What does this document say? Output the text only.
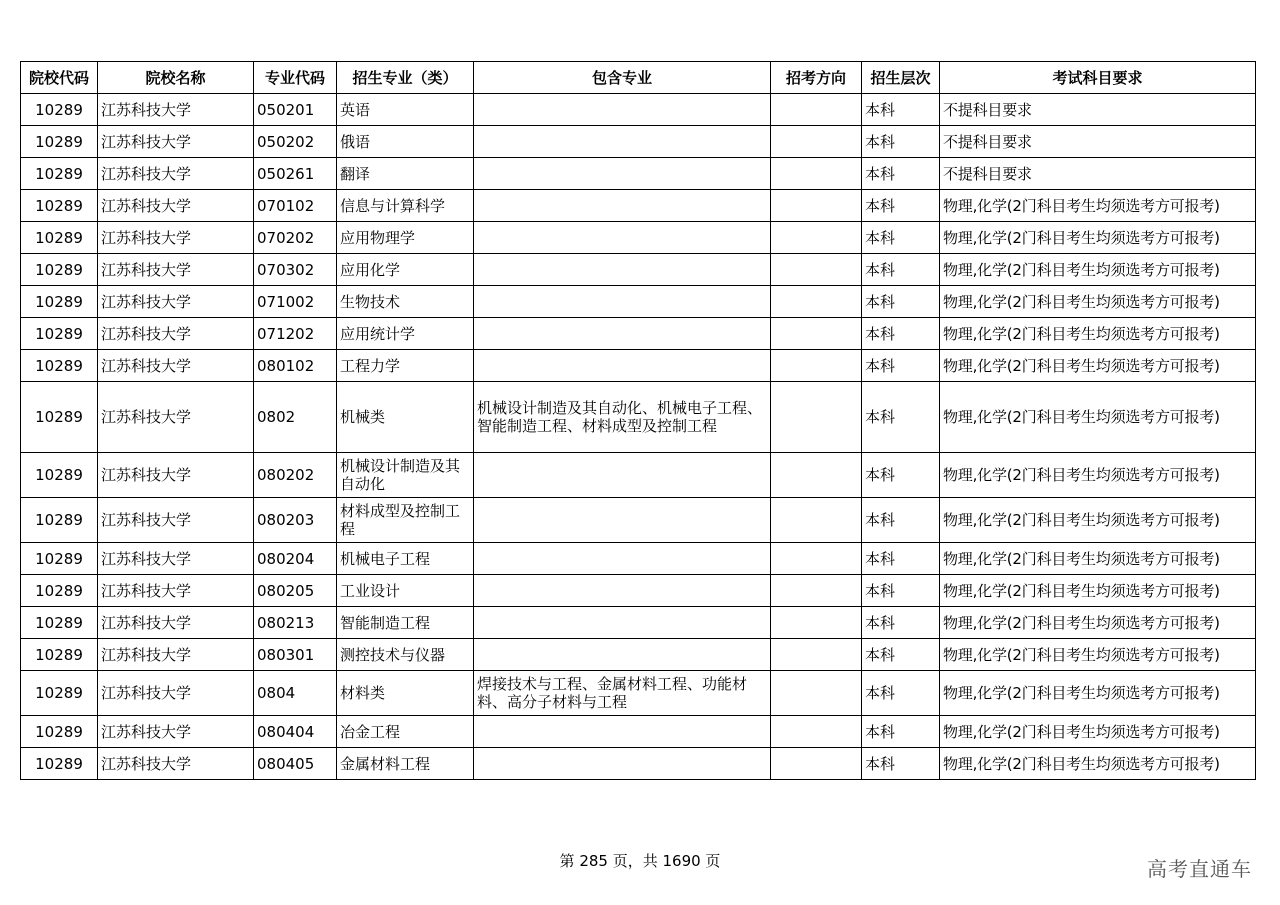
院校代码	院校名称	专业代码	招生专业（类）	包含专业	招考方向	招生层次	考试科目要求
10289	江苏科技大学	050201	英语			本科	不提科目要求
10289	江苏科技大学	050202	俄语			本科	不提科目要求
10289	江苏科技大学	050261	翻译			本科	不提科目要求
10289	江苏科技大学	070102	信息与计算科学			本科	物理,化学(2门科目考生均须选考方可报考)
10289	江苏科技大学	070202	应用物理学			本科	物理,化学(2门科目考生均须选考方可报考)
10289	江苏科技大学	070302	应用化学			本科	物理,化学(2门科目考生均须选考方可报考)
10289	江苏科技大学	071002	生物技术			本科	物理,化学(2门科目考生均须选考方可报考)
10289	江苏科技大学	071202	应用统计学			本科	物理,化学(2门科目考生均须选考方可报考)
10289	江苏科技大学	080102	工程力学			本科	物理,化学(2门科目考生均须选考方可报考)
10289	江苏科技大学	0802	机械类	机械设计制造及其自动化、机械电子工程、智能制造工程、材料成型及控制工程		本科	物理,化学(2门科目考生均须选考方可报考)
10289	江苏科技大学	080202	机械设计制造及其自动化			本科	物理,化学(2门科目考生均须选考方可报考)
10289	江苏科技大学	080203	材料成型及控制工程			本科	物理,化学(2门科目考生均须选考方可报考)
10289	江苏科技大学	080204	机械电子工程			本科	物理,化学(2门科目考生均须选考方可报考)
10289	江苏科技大学	080205	工业设计			本科	物理,化学(2门科目考生均须选考方可报考)
10289	江苏科技大学	080213	智能制造工程			本科	物理,化学(2门科目考生均须选考方可报考)
10289	江苏科技大学	080301	测控技术与仪器			本科	物理,化学(2门科目考生均须选考方可报考)
10289	江苏科技大学	0804	材料类	焊接技术与工程、金属材料工程、功能材料、高分子材料与工程		本科	物理,化学(2门科目考生均须选考方可报考)
10289	江苏科技大学	080404	冶金工程			本科	物理,化学(2门科目考生均须选考方可报考)
10289	江苏科技大学	080405	金属材料工程			本科	物理,化学(2门科目考生均须选考方可报考)
第 285 页，共 1690 页	高考直通车
